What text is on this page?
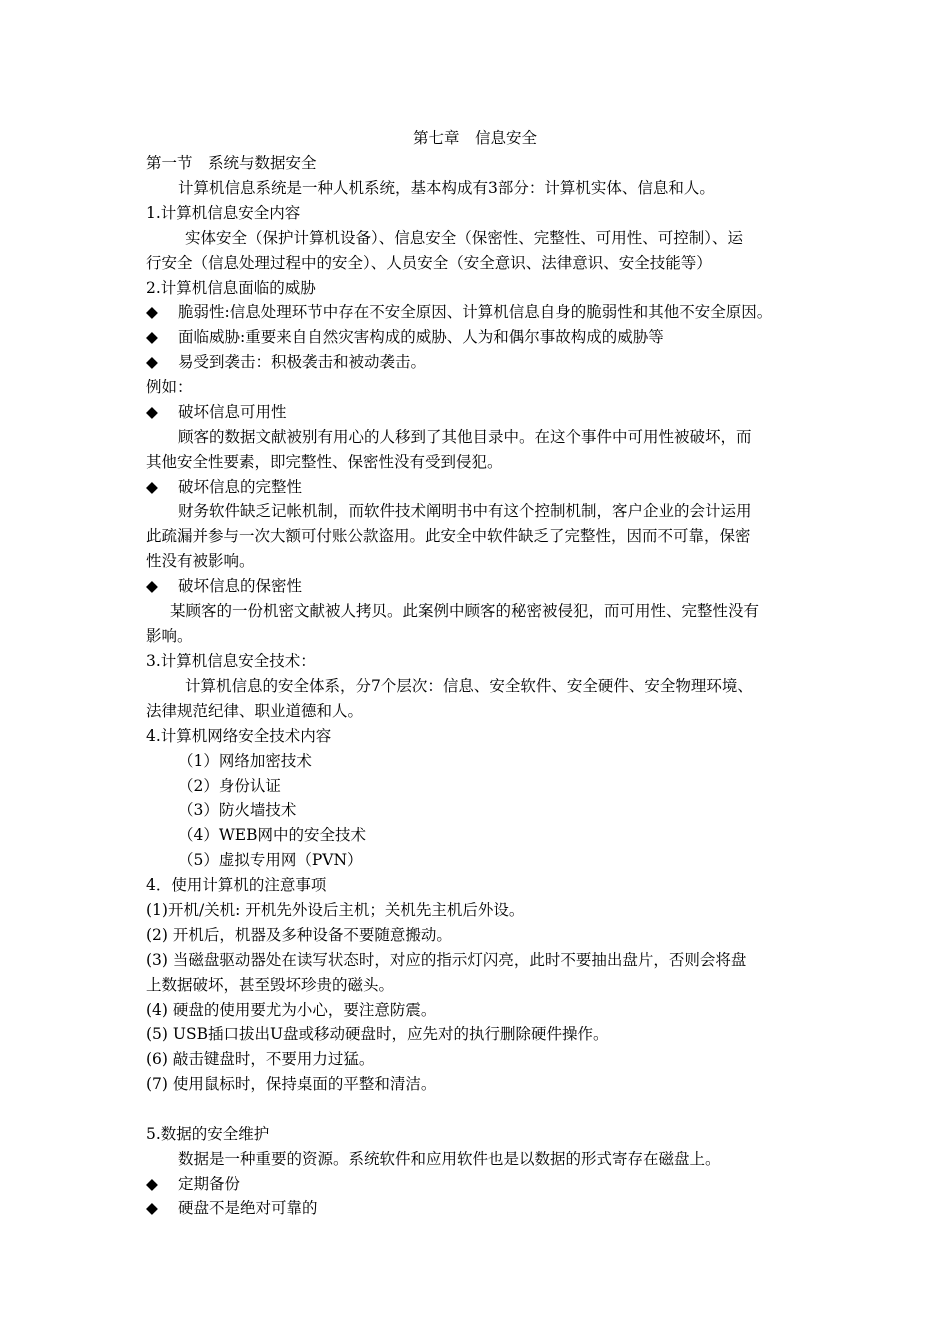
第七章　信息安全
第一节　系统与数据安全
计算机信息系统是一种人机系统，基本构成有3部分：计算机实体、信息和人。
1.计算机信息安全内容
实体安全（保护计算机设备）、信息安全（保密性、完整性、可用性、可控制）、运
行安全（信息处理过程中的安全）、人员安全（安全意识、法律意识、安全技能等）
2.计算机信息面临的威胁
◆ 脆弱性:信息处理环节中存在不安全原因、计算机信息自身的脆弱性和其他不安全原因。
◆ 面临威胁:重要来自自然灾害构成的威胁、人为和偶尔事故构成的威胁等
◆ 易受到袭击：积极袭击和被动袭击。
例如：
◆ 破坏信息可用性
顾客的数据文献被别有用心的人移到了其他目录中。在这个事件中可用性被破坏，而
其他安全性要素，即完整性、保密性没有受到侵犯。
◆ 破坏信息的完整性
财务软件缺乏记帐机制，而软件技术阐明书中有这个控制机制，客户企业的会计运用
此疏漏并参与一次大额可付账公款盗用。此安全中软件缺乏了完整性，因而不可靠，保密
性没有被影响。
◆ 破坏信息的保密性
某顾客的一份机密文献被人拷贝。此案例中顾客的秘密被侵犯，而可用性、完整性没有
影响。
3.计算机信息安全技术：
计算机信息的安全体系，分7个层次：信息、安全软件、安全硬件、安全物理环境、
法律规范纪律、职业道德和人。
4.计算机网络安全技术内容
（1）网络加密技术
（2）身份认证
（3）防火墙技术
（4）WEB网中的安全技术
（5）虚拟专用网（PVN）
4．使用计算机的注意事项
(1)开机/关机: 开机先外设后主机；关机先主机后外设。
(2) 开机后，机器及多种设备不要随意搬动。
(3) 当磁盘驱动器处在读写状态时，对应的指示灯闪亮，此时不要抽出盘片，否则会将盘
上数据破坏，甚至毁坏珍贵的磁头。
(4) 硬盘的使用要尤为小心，要注意防震。
(5) USB插口拔出U盘或移动硬盘时，应先对的执行删除硬件操作。
(6) 敲击键盘时，不要用力过猛。
(7) 使用鼠标时，保持桌面的平整和清洁。
5.数据的安全维护
数据是一种重要的资源。系统软件和应用软件也是以数据的形式寄存在磁盘上。
◆ 定期备份
◆ 硬盘不是绝对可靠的
